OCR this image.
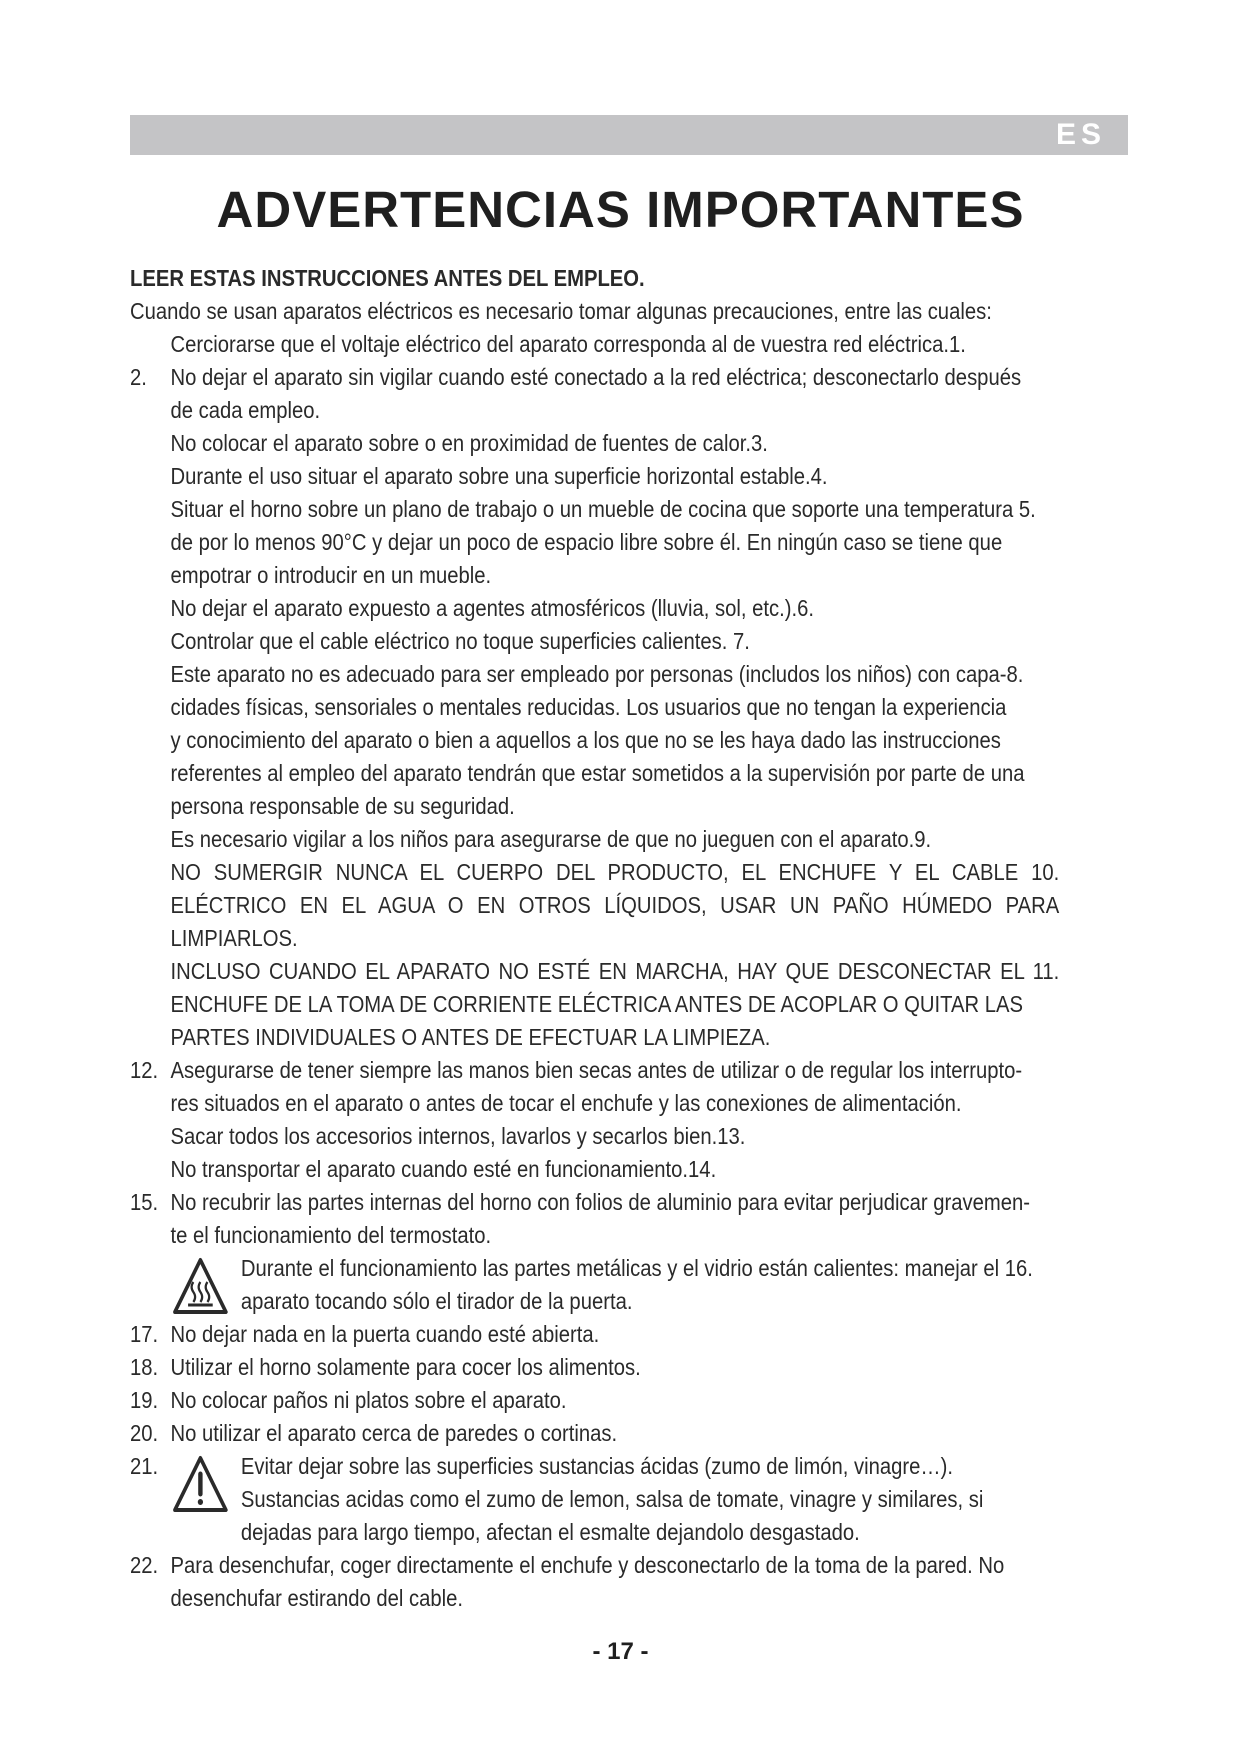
ES
ADVERTENCIAS IMPORTANTES
LEER ESTAS INSTRUCCIONES ANTES DEL EMPLEO.
Cuando se usan aparatos eléctricos es necesario tomar algunas precauciones, entre las cuales:
Cerciorarse que el voltaje eléctrico del aparato corresponda al de vuestra red eléctrica.1.
2. No dejar el aparato sin vigilar cuando esté conectado a la red eléctrica; desconectarlo después
de cada empleo.
No colocar el aparato sobre o en proximidad de fuentes de calor.3.
Durante el uso situar el aparato sobre una superficie horizontal estable.4.
Situar el horno sobre un plano de trabajo o un mueble de cocina que soporte una temperatura 5.
de por lo menos 90°C y dejar un poco de espacio libre sobre él. En ningún caso se tiene que
empotrar o introducir en un mueble.
No dejar el aparato expuesto a agentes atmosféricos (lluvia, sol, etc.).6.
Controlar que el cable eléctrico no toque superficies calientes. 7.
Este aparato no es adecuado para ser empleado por personas (includos los niños) con capa-8.
cidades físicas, sensoriales o mentales reducidas. Los usuarios que no tengan la experiencia
y conocimiento del aparato o bien a aquellos a los que no se les haya dado las instrucciones
referentes al empleo del aparato tendrán que estar sometidos a la supervisión por parte de una
persona responsable de su seguridad.
Es necesario vigilar a los niños para asegurarse de que no jueguen con el aparato.9.
NO SUMERGIR NUNCA EL CUERPO DEL PRODUCTO, EL ENCHUFE Y EL CABLE 10.
ELÉCTRICO EN EL AGUA O EN OTROS LÍQUIDOS, USAR UN PAÑO HÚMEDO PARA
LIMPIARLOS.
INCLUSO CUANDO EL APARATO NO ESTÉ EN MARCHA, HAY QUE DESCONECTAR EL 11.
ENCHUFE DE LA TOMA DE CORRIENTE ELÉCTRICA ANTES DE ACOPLAR O QUITAR LAS
PARTES INDIVIDUALES O ANTES DE EFECTUAR LA LIMPIEZA.
12. Asegurarse de tener siempre las manos bien secas antes de utilizar o de regular los interrupto-
res situados en el aparato o antes de tocar el enchufe y las conexiones de alimentación.
Sacar todos los accesorios internos, lavarlos y secarlos bien.13.
No transportar el aparato cuando esté en funcionamiento.14.
15. No recubrir las partes internas del horno con folios de aluminio para evitar perjudicar gravemen-
te el funcionamiento del termostato.
Durante el funcionamiento las partes metálicas y el vidrio están calientes: manejar el 16.
aparato tocando sólo el tirador de la puerta.
17. No dejar nada en la puerta cuando esté abierta.
18. Utilizar el horno solamente para cocer los alimentos.
19. No colocar paños ni platos sobre el aparato.
20. No utilizar el aparato cerca de paredes o cortinas.
21.	Evitar dejar sobre las superficies sustancias ácidas (zumo de limón, vinagre…).
Sustancias acidas como el zumo de lemon, salsa de tomate, vinagre y similares, si
dejadas para largo tiempo, afectan el esmalte dejandolo desgastado.
22. Para desenchufar, coger directamente el enchufe y desconectarlo de la toma de la pared. No
desenchufar estirando del cable.
- 17 -
